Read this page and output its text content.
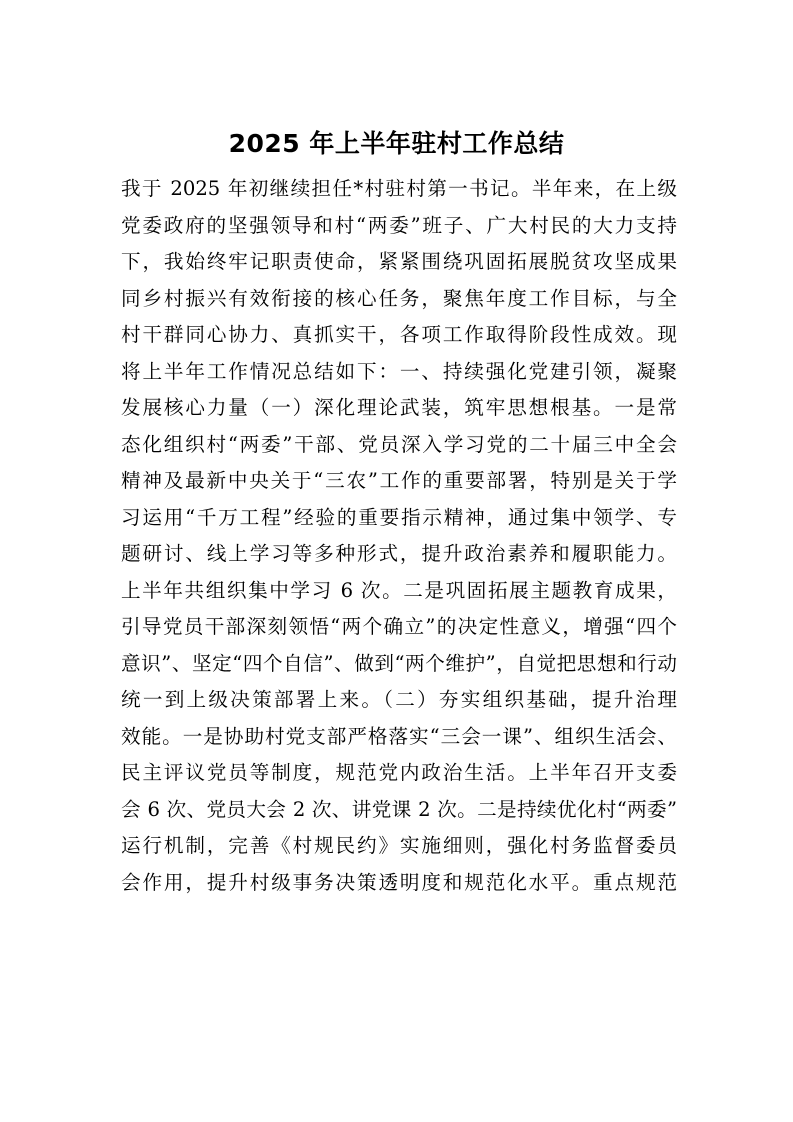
2025 年上半年驻村工作总结
我于 2025 年初继续担任*村驻村第一书记。半年来，在上级
党委政府的坚强领导和村“两委”班子、广大村民的大力支持
下，我始终牢记职责使命，紧紧围绕巩固拓展脱贫攻坚成果
同乡村振兴有效衔接的核心任务，聚焦年度工作目标，与全
村干群同心协力、真抓实干，各项工作取得阶段性成效。现
将上半年工作情况总结如下：一、持续强化党建引领，凝聚
发展核心力量（一）深化理论武装，筑牢思想根基。一是常
态化组织村“两委”干部、党员深入学习党的二十届三中全会
精神及最新中央关于“三农”工作的重要部署，特别是关于学
习运用“千万工程”经验的重要指示精神，通过集中领学、专
题研讨、线上学习等多种形式，提升政治素养和履职能力。
上半年共组织集中学习 6 次。二是巩固拓展主题教育成果，
引导党员干部深刻领悟“两个确立”的决定性意义，增强“四个
意识”、坚定“四个自信”、做到“两个维护”，自觉把思想和行动
统一到上级决策部署上来。（二）夯实组织基础，提升治理
效能。一是协助村党支部严格落实“三会一课”、组织生活会、
民主评议党员等制度，规范党内政治生活。上半年召开支委
会 6 次、党员大会 2 次、讲党课 2 次。二是持续优化村“两委”
运行机制，完善《村规民约》实施细则，强化村务监督委员
会作用，提升村级事务决策透明度和规范化水平。重点规范
